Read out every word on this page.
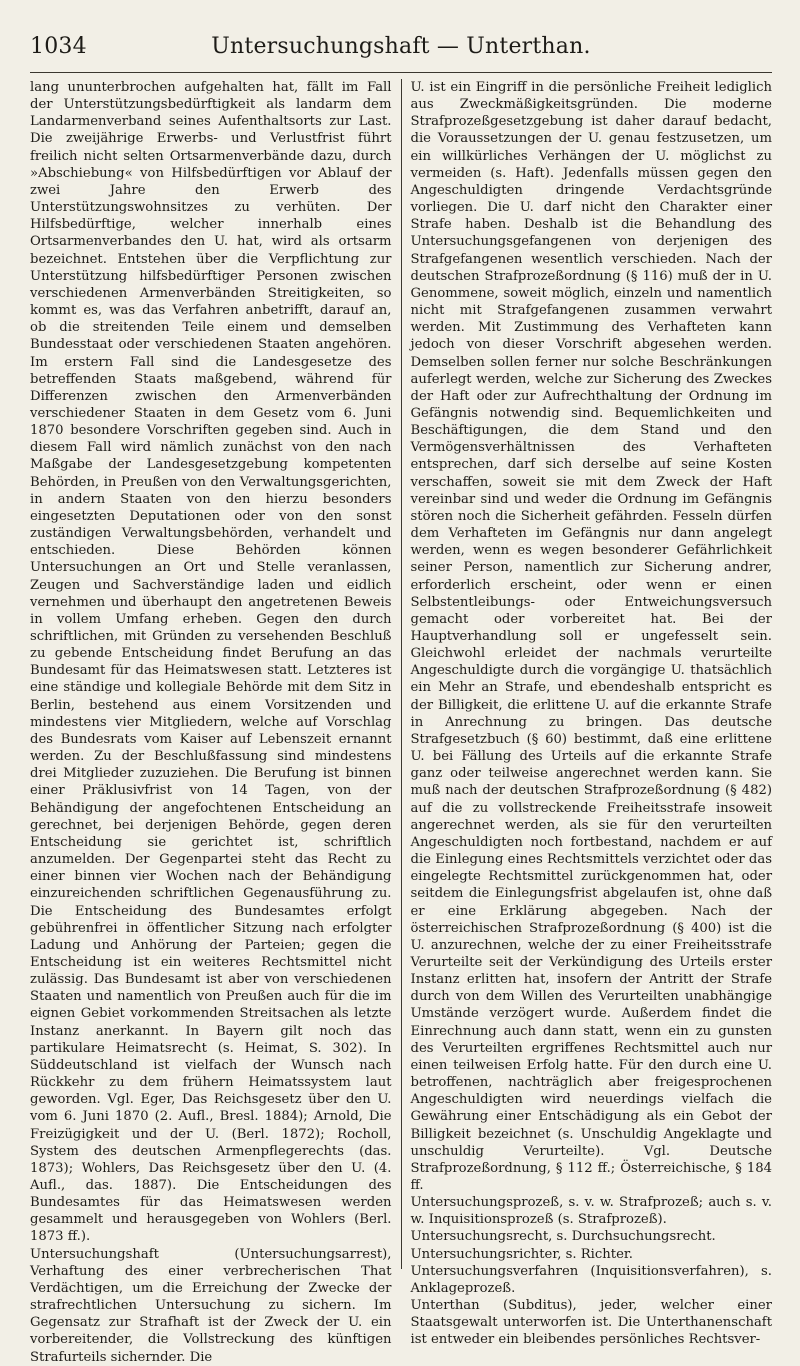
1034	Untersuchungshaft — Unterthan.

lang ununterbrochen aufgehalten hat, fällt im Fall der Unterstützungsbedürftigkeit als landarm dem Landarmenverband seines Aufenthaltsorts zur Last. Die zweijährige Erwerbs- und Verlustfrist führt freilich nicht selten Ortsarmenverbände dazu, durch »Abschiebung« von Hilfsbedürftigen vor Ablauf der zwei Jahre den Erwerb des Unterstützungswohnsitzes zu verhüten. Der Hilfsbedürftige, welcher innerhalb eines Ortsarmenverbandes den U. hat, wird als ortsarm bezeichnet. Entstehen über die Verpflichtung zur Unterstützung hilfsbedürftiger Personen zwischen verschiedenen Armenverbänden Streitigkeiten, so kommt es, was das Verfahren anbetrifft, darauf an, ob die streitenden Teile einem und demselben Bundesstaat oder verschiedenen Staaten angehören. Im erstern Fall sind die Landesgesetze des betreffenden Staats maßgebend, während für Differenzen zwischen den Armenverbänden verschiedener Staaten in dem Gesetz vom 6. Juni 1870 besondere Vorschriften gegeben sind. Auch in diesem Fall wird nämlich zunächst von den nach Maßgabe der Landesgesetzgebung kompetenten Behörden, in Preußen von den Verwaltungsgerichten, in andern Staaten von den hierzu besonders eingesetzten Deputationen oder von den sonst zuständigen Verwaltungsbehörden, verhandelt und entschieden. Diese Behörden können Untersuchungen an Ort und Stelle veranlassen, Zeugen und Sachverständige laden und eidlich vernehmen und überhaupt den angetretenen Beweis in vollem Umfang erheben. Gegen den durch schriftlichen, mit Gründen zu versehenden Beschluß zu gebende Entscheidung findet Berufung an das Bundesamt für das Heimatswesen statt. Letzteres ist eine ständige und kollegiale Behörde mit dem Sitz in Berlin, bestehend aus einem Vorsitzenden und mindestens vier Mitgliedern, welche auf Vorschlag des Bundesrats vom Kaiser auf Lebenszeit ernannt werden. Zu der Beschlußfassung sind mindestens drei Mitglieder zuzuziehen. Die Berufung ist binnen einer Präklusivfrist von 14 Tagen, von der Behändigung der angefochtenen Entscheidung an gerechnet, bei derjenigen Behörde, gegen deren Entscheidung sie gerichtet ist, schriftlich anzumelden. Der Gegenpartei steht das Recht zu einer binnen vier Wochen nach der Behändigung einzureichenden schriftlichen Gegenausführung zu. Die Entscheidung des Bundesamtes erfolgt gebührenfrei in öffentlicher Sitzung nach erfolgter Ladung und Anhörung der Parteien; gegen die Entscheidung ist ein weiteres Rechtsmittel nicht zulässig. Das Bundesamt ist aber von verschiedenen Staaten und namentlich von Preußen auch für die im eignen Gebiet vorkommenden Streitsachen als letzte Instanz anerkannt. In Bayern gilt noch das partikulare Heimatsrecht (s. Heimat, S. 302). In Süddeutschland ist vielfach der Wunsch nach Rückkehr zu dem frühern Heimatssystem laut geworden. Vgl. Eger, Das Reichsgesetz über den U. vom 6. Juni 1870 (2. Aufl., Bresl. 1884); Arnold, Die Freizügigkeit und der U. (Berl. 1872); Rocholl, System des deutschen Armenpflegerechts (das. 1873); Wohlers, Das Reichsgesetz über den U. (4. Aufl., das. 1887). Die Entscheidungen des Bundesamtes für das Heimatswesen werden gesammelt und herausgegeben von Wohlers (Berl. 1873 ff.).

Untersuchungshaft (Untersuchungsarrest), Verhaftung des einer verbrecherischen That Verdächtigen, um die Erreichung der Zwecke der strafrechtlichen Untersuchung zu sichern. Im Gegensatz zur Strafhaft ist der Zweck der U. ein vorbereitender, die Vollstreckung des künftigen Strafurteils sichernder. Die

U. ist ein Eingriff in die persönliche Freiheit lediglich aus Zweckmäßigkeitsgründen. Die moderne Strafprozeßgesetzgebung ist daher darauf bedacht, die Voraussetzungen der U. genau festzusetzen, um ein willkürliches Verhängen der U. möglichst zu vermeiden (s. Haft). Jedenfalls müssen gegen den Angeschuldigten dringende Verdachtsgründe vorliegen. Die U. darf nicht den Charakter einer Strafe haben. Deshalb ist die Behandlung des Untersuchungsgefangenen von derjenigen des Strafgefangenen wesentlich verschieden. Nach der deutschen Strafprozeßordnung (§ 116) muß der in U. Genommene, soweit möglich, einzeln und namentlich nicht mit Strafgefangenen zusammen verwahrt werden. Mit Zustimmung des Verhafteten kann jedoch von dieser Vorschrift abgesehen werden. Demselben sollen ferner nur solche Beschränkungen auferlegt werden, welche zur Sicherung des Zweckes der Haft oder zur Aufrechthaltung der Ordnung im Gefängnis notwendig sind. Bequemlichkeiten und Beschäftigungen, die dem Stand und den Vermögensverhältnissen des Verhafteten entsprechen, darf sich derselbe auf seine Kosten verschaffen, soweit sie mit dem Zweck der Haft vereinbar sind und weder die Ordnung im Gefängnis stören noch die Sicherheit gefährden. Fesseln dürfen dem Verhafteten im Gefängnis nur dann angelegt werden, wenn es wegen besonderer Gefährlichkeit seiner Person, namentlich zur Sicherung andrer, erforderlich erscheint, oder wenn er einen Selbstentleibungs- oder Entweichungsversuch gemacht oder vorbereitet hat. Bei der Hauptverhandlung soll er ungefesselt sein. Gleichwohl erleidet der nachmals verurteilte Angeschuldigte durch die vorgängige U. thatsächlich ein Mehr an Strafe, und ebendeshalb entspricht es der Billigkeit, die erlittene U. auf die erkannte Strafe in Anrechnung zu bringen. Das deutsche Strafgesetzbuch (§ 60) bestimmt, daß eine erlittene U. bei Fällung des Urteils auf die erkannte Strafe ganz oder teilweise angerechnet werden kann. Sie muß nach der deutschen Strafprozeßordnung (§ 482) auf die zu vollstreckende Freiheitsstrafe insoweit angerechnet werden, als sie für den verurteilten Angeschuldigten noch fortbestand, nachdem er auf die Einlegung eines Rechtsmittels verzichtet oder das eingelegte Rechtsmittel zurückgenommen hat, oder seitdem die Einlegungsfrist abgelaufen ist, ohne daß er eine Erklärung abgegeben. Nach der österreichischen Strafprozeßordnung (§ 400) ist die U. anzurechnen, welche der zu einer Freiheitsstrafe Verurteilte seit der Verkündigung des Urteils erster Instanz erlitten hat, insofern der Antritt der Strafe durch von dem Willen des Verurteilten unabhängige Umstände verzögert wurde. Außerdem findet die Einrechnung auch dann statt, wenn ein zu gunsten des Verurteilten ergriffenes Rechtsmittel auch nur einen teilweisen Erfolg hatte. Für den durch eine U. betroffenen, nachträglich aber freigesprochenen Angeschuldigten wird neuerdings vielfach die Gewährung einer Entschädigung als ein Gebot der Billigkeit bezeichnet (s. Unschuldig Angeklagte und unschuldig Verurteilte). Vgl. Deutsche Strafprozeßordnung, § 112 ff.; Österreichische, § 184 ff.

Untersuchungsprozeß, s. v. w. Strafprozeß; auch s. v. w. Inquisitionsprozeß (s. Strafprozeß).

Untersuchungsrecht, s. Durchsuchungsrecht.

Untersuchungsrichter, s. Richter.

Untersuchungsverfahren (Inquisitionsverfahren), s. Anklageprozeß.

Unterthan (Subditus), jeder, welcher einer Staatsgewalt unterworfen ist. Die Unterthanenschaft ist entweder ein bleibendes persönliches Rechtsver-
